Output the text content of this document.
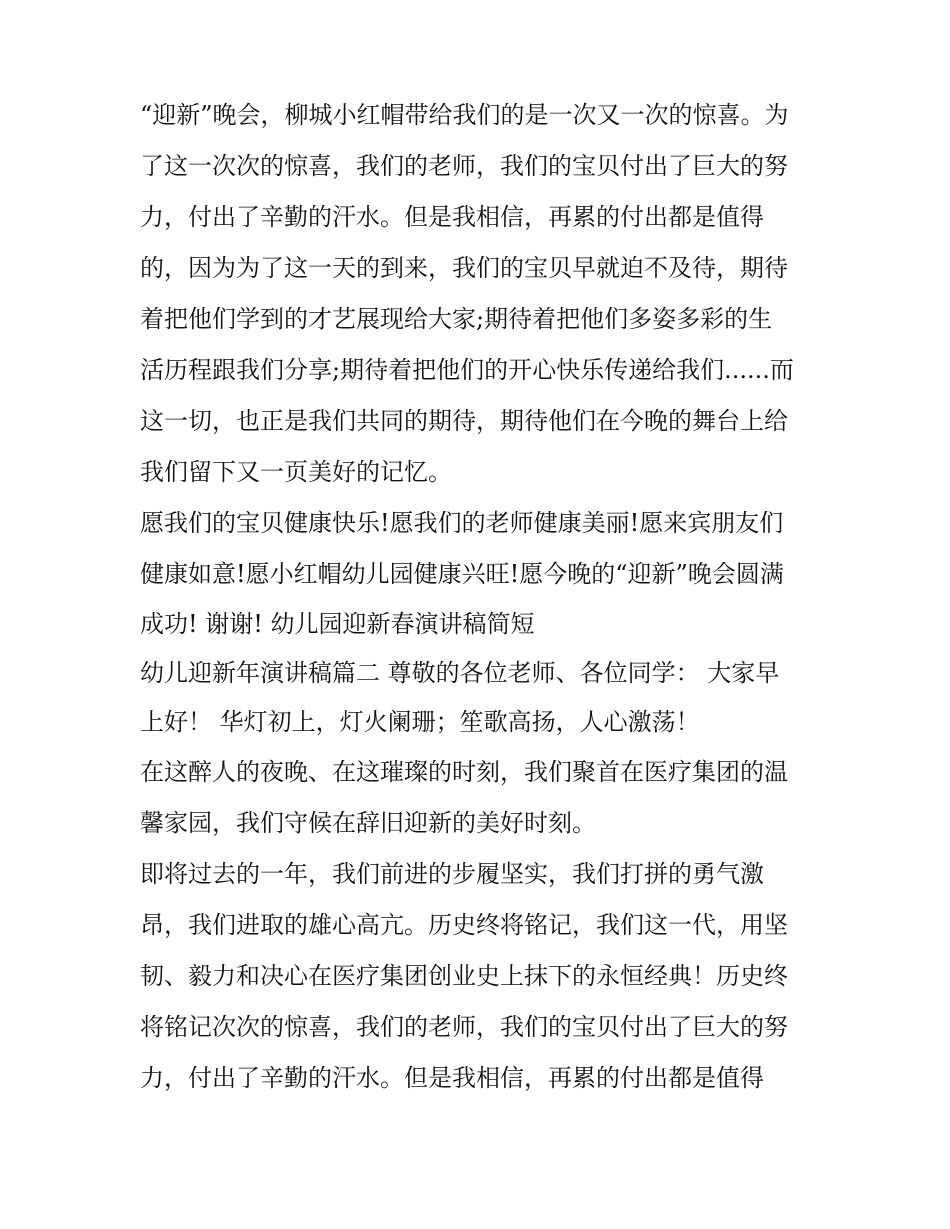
“迎新”晚会，柳城小红帽带给我们的是一次又一次的惊喜。为
了这一次次的惊喜，我们的老师，我们的宝贝付出了巨大的努
力，付出了辛勤的汗水。但是我相信，再累的付出都是值得
的，因为为了这一天的到来，我们的宝贝早就迫不及待，期待
着把他们学到的才艺展现给大家;期待着把他们多姿多彩的生
活历程跟我们分享;期待着把他们的开心快乐传递给我们......而
这一切，也正是我们共同的期待，期待他们在今晚的舞台上给
我们留下又一页美好的记忆。
愿我们的宝贝健康快乐!愿我们的老师健康美丽!愿来宾朋友们
健康如意!愿小红帽幼儿园健康兴旺!愿今晚的“迎新”晚会圆满
成功! 谢谢! 幼儿园迎新春演讲稿简短
幼儿迎新年演讲稿篇二 尊敬的各位老师、各位同学： 大家早
上好！ 华灯初上，灯火阑珊；笙歌高扬，人心激荡！
在这醉人的夜晚、在这璀璨的时刻，我们聚首在医疗集团的温
馨家园，我们守候在辞旧迎新的美好时刻。
即将过去的一年，我们前进的步履坚实，我们打拼的勇气激
昂，我们进取的雄心高亢。历史终将铭记，我们这一代，用坚
韧、毅力和决心在医疗集团创业史上抹下的永恒经典！历史终
将铭记次次的惊喜，我们的老师，我们的宝贝付出了巨大的努
力，付出了辛勤的汗水。但是我相信，再累的付出都是值得
